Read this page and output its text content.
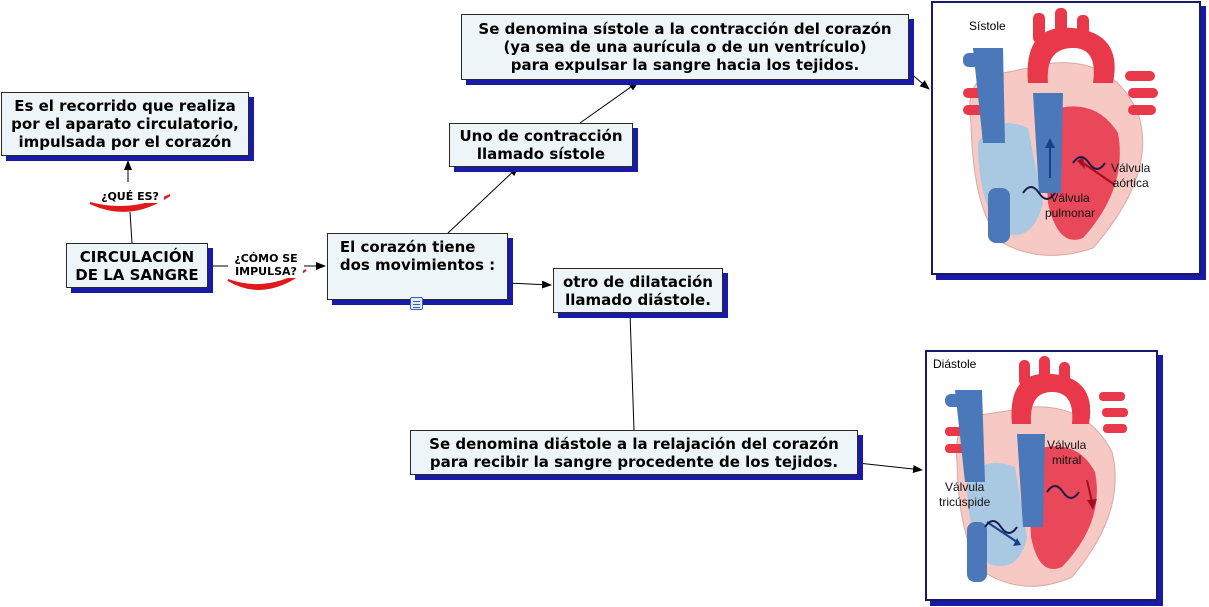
CIRCULACIÓN
DE LA SANGRE
Es el recorrido que realiza
por el aparato circulatorio,
impulsada por el corazón
El corazón tiene
dos movimientos :
Uno de contracción
llamado sístole
otro de dilatación
llamado diástole.
Se denomina sístole a la contracción del corazón
(ya sea de una aurícula o de un ventrículo)
para expulsar la sangre hacia los tejidos.
Se denomina diástole a la relajación del corazón
para recibir la sangre procedente de los tejidos.
¿QUÉ ES?
¿CÓMO SE
IMPULSA?
Sístole
Válvula
aórtica
Válvula
pulmonar
Diástole
Válvula
mitral
Válvula
tricúspide
